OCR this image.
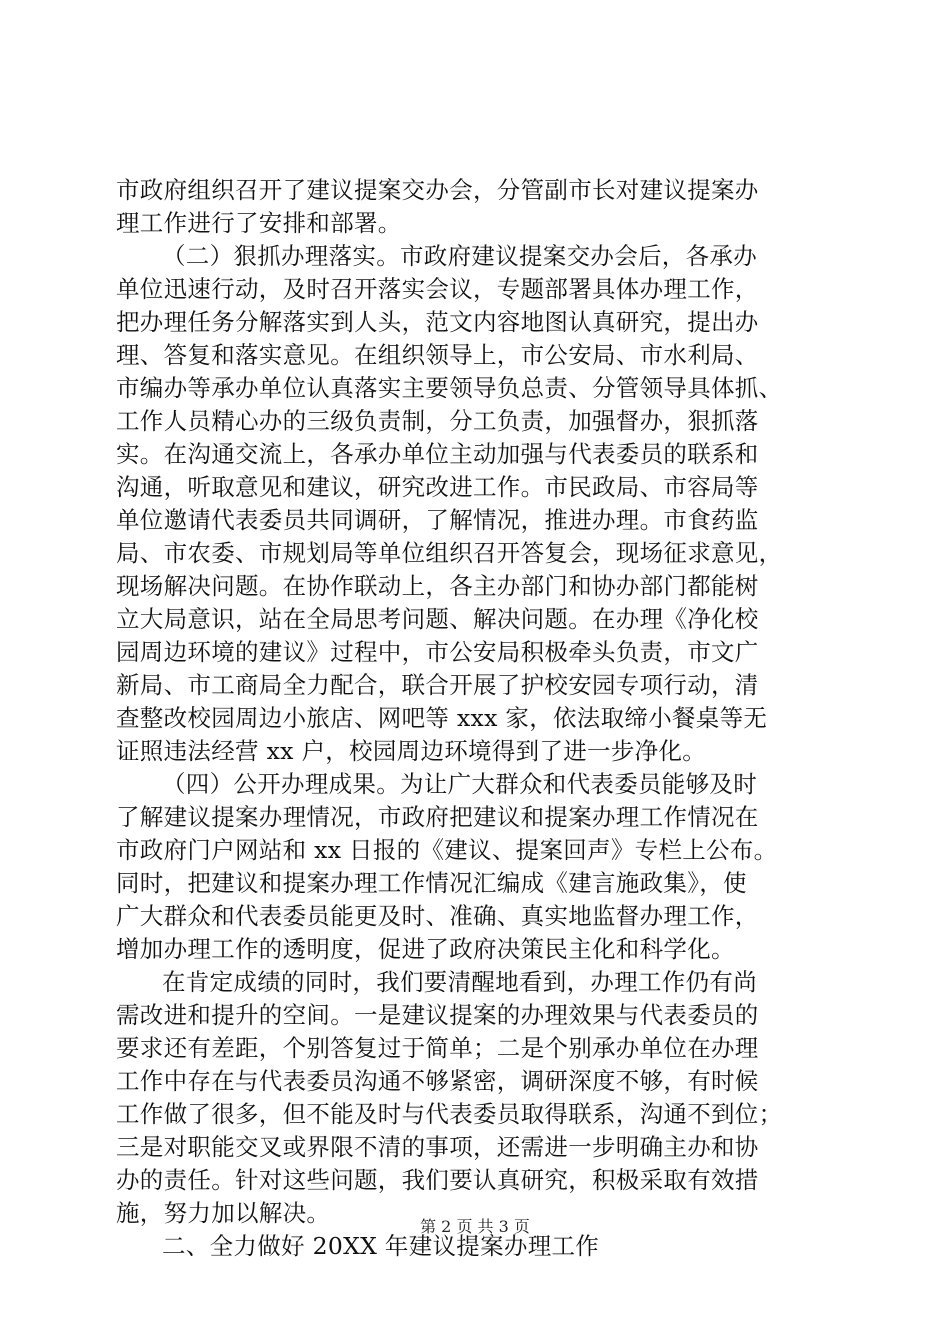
市政府组织召开了建议提案交办会，分管副市长对建议提案办
理工作进行了安排和部署。
（二）狠抓办理落实。市政府建议提案交办会后，各承办
单位迅速行动，及时召开落实会议，专题部署具体办理工作，
把办理任务分解落实到人头，范文内容地图认真研究，提出办
理、答复和落实意见。在组织领导上，市公安局、市水利局、
市编办等承办单位认真落实主要领导负总责、分管领导具体抓、
工作人员精心办的三级负责制，分工负责，加强督办，狠抓落
实。在沟通交流上，各承办单位主动加强与代表委员的联系和
沟通，听取意见和建议，研究改进工作。市民政局、市容局等
单位邀请代表委员共同调研，了解情况，推进办理。市食药监
局、市农委、市规划局等单位组织召开答复会，现场征求意见，
现场解决问题。在协作联动上，各主办部门和协办部门都能树
立大局意识，站在全局思考问题、解决问题。在办理《净化校
园周边环境的建议》过程中，市公安局积极牵头负责，市文广
新局、市工商局全力配合，联合开展了护校安园专项行动，清
查整改校园周边小旅店、网吧等 xxx 家，依法取缔小餐桌等无
证照违法经营 xx 户，校园周边环境得到了进一步净化。
（四）公开办理成果。为让广大群众和代表委员能够及时
了解建议提案办理情况，市政府把建议和提案办理工作情况在
市政府门户网站和 xx 日报的《建议、提案回声》专栏上公布。
同时，把建议和提案办理工作情况汇编成《建言施政集》，使
广大群众和代表委员能更及时、准确、真实地监督办理工作，
增加办理工作的透明度，促进了政府决策民主化和科学化。
在肯定成绩的同时，我们要清醒地看到，办理工作仍有尚
需改进和提升的空间。一是建议提案的办理效果与代表委员的
要求还有差距，个别答复过于简单；二是个别承办单位在办理
工作中存在与代表委员沟通不够紧密，调研深度不够，有时候
工作做了很多，但不能及时与代表委员取得联系，沟通不到位；
三是对职能交叉或界限不清的事项，还需进一步明确主办和协
办的责任。针对这些问题，我们要认真研究，积极采取有效措
施，努力加以解决。
二、全力做好 20XX 年建议提案办理工作
第 2 页 共 3 页
